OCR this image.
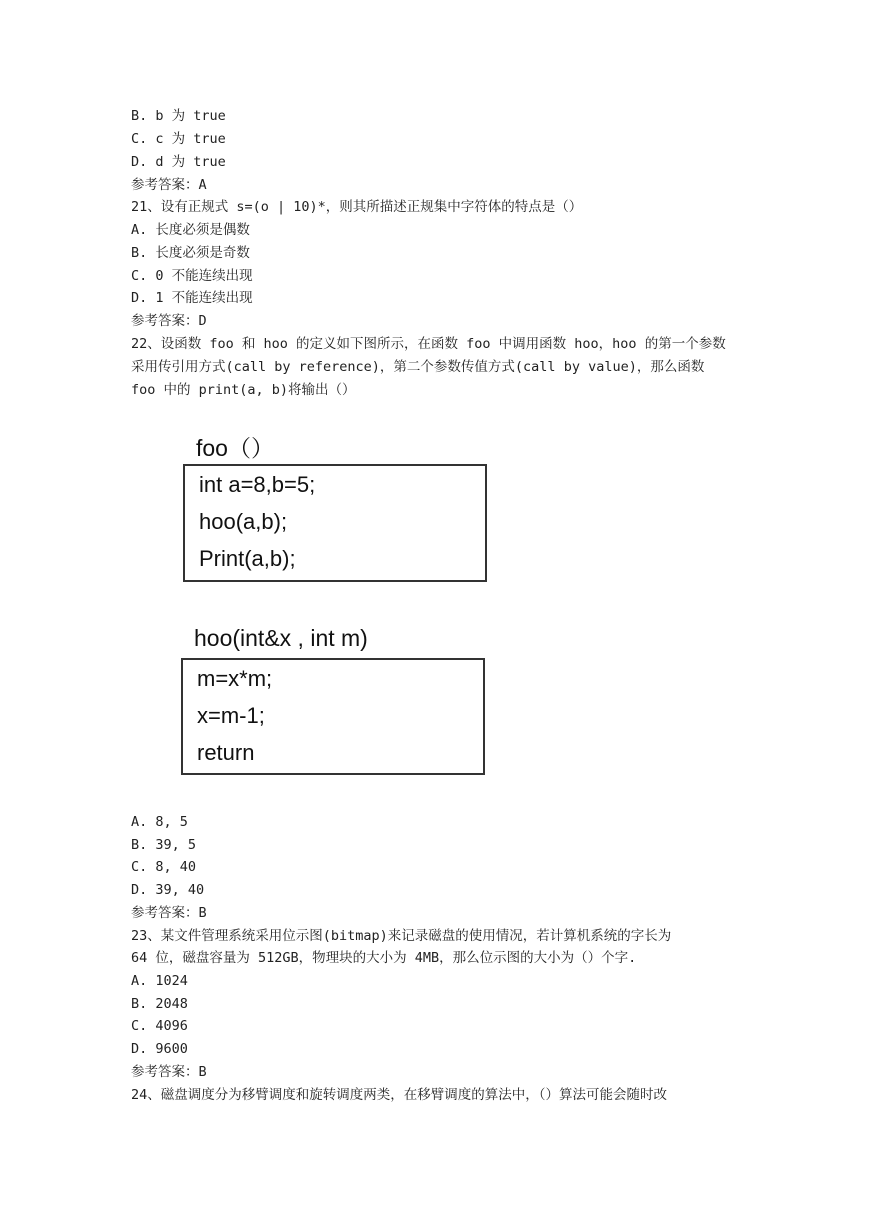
B. b 为 true
C. c 为 true
D. d 为 true
参考答案：A
21、设有正规式 s=(o | 10)*，则其所描述正规集中字符体的特点是（）
A. 长度必须是偶数
B. 长度必须是奇数
C. 0 不能连续出现
D. 1 不能连续出现
参考答案：D
22、设函数 foo 和 hoo 的定义如下图所示，在函数 foo 中调用函数 hoo，hoo 的第一个参数
采用传引用方式(call by reference)，第二个参数传值方式(call by value)，那么函数
foo 中的 print(a, b)将输出（）
foo（）
int a=8,b=5;
hoo(a,b);
Print(a,b);
hoo(int&x , int m)
m=x*m;
x=m-1;
return
A. 8, 5
B. 39, 5
C. 8, 40
D. 39, 40
参考答案：B
23、某文件管理系统采用位示图(bitmap)来记录磁盘的使用情况，若计算机系统的字长为
64 位，磁盘容量为 512GB，物理块的大小为 4MB，那么位示图的大小为（）个字.
A. 1024
B. 2048
C. 4096
D. 9600
参考答案：B
24、磁盘调度分为移臂调度和旋转调度两类，在移臂调度的算法中，（）算法可能会随时改
